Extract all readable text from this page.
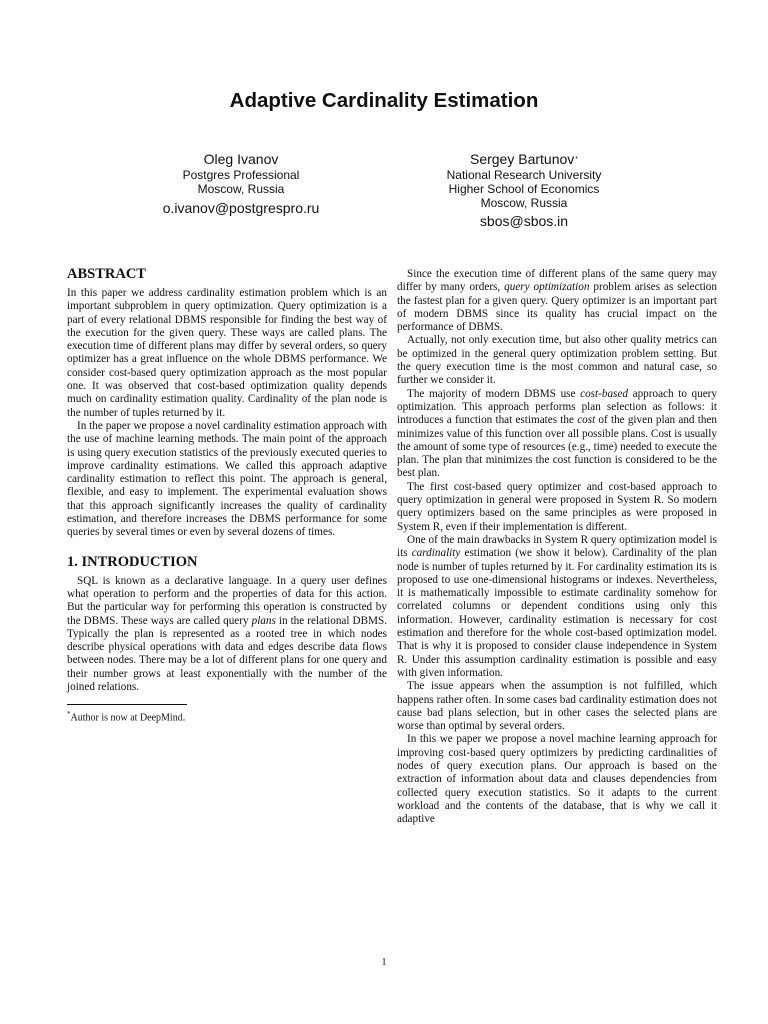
Adaptive Cardinality Estimation
Oleg Ivanov
Postgres Professional
Moscow, Russia
o.ivanov@postgrespro.ru
Sergey Bartunov*
National Research University
Higher School of Economics
Moscow, Russia
sbos@sbos.in
ABSTRACT

In this paper we address cardinality estimation problem which is an important subproblem in query optimization. Query optimization is a part of every relational DBMS responsible for finding the best way of the execution for the given query. These ways are called plans. The execution time of different plans may differ by several orders, so query optimizer has a great influence on the whole DBMS performance. We consider cost-based query optimization approach as the most popular one. It was observed that cost-based optimization quality depends much on cardinality estimation quality. Cardinality of the plan node is the number of tuples returned by it.

In the paper we propose a novel cardinality estimation approach with the use of machine learning methods. The main point of the approach is using query execution statistics of the previously executed queries to improve cardinality estimations. We called this approach adaptive cardinality estimation to reflect this point. The approach is general, flexible, and easy to implement. The experimental evaluation shows that this approach significantly increases the quality of cardinality estimation, and therefore increases the DBMS performance for some queries by several times or even by several dozens of times.

1. INTRODUCTION

SQL is known as a declarative language. In a query user defines what operation to perform and the properties of data for this action. But the particular way for performing this operation is constructed by the DBMS. These ways are called query plans in the relational DBMS. Typically the plan is represented as a rooted tree in which nodes describe physical operations with data and edges describe data flows between nodes. There may be a lot of different plans for one query and their number grows at least exponentially with the number of the joined relations.

*Author is now at DeepMind.

Since the execution time of different plans of the same query may differ by many orders, query optimization problem arises as selection the fastest plan for a given query. Query optimizer is an important part of modern DBMS since its quality has crucial impact on the performance of DBMS.

Actually, not only execution time, but also other quality metrics can be optimized in the general query optimization problem setting. But the query execution time is the most common and natural case, so further we consider it.

The majority of modern DBMS use cost-based approach to query optimization. This approach performs plan selection as follows: it introduces a function that estimates the cost of the given plan and then minimizes value of this function over all possible plans. Cost is usually the amount of some type of resources (e.g., time) needed to execute the plan. The plan that minimizes the cost function is considered to be the best plan.

The first cost-based query optimizer and cost-based approach to query optimization in general were proposed in System R. So modern query optimizers based on the same principles as were proposed in System R, even if their implementation is different.

One of the main drawbacks in System R query optimization model is its cardinality estimation (we show it below). Cardinality of the plan node is number of tuples returned by it. For cardinality estimation its is proposed to use one-dimensional histograms or indexes. Nevertheless, it is mathematically impossible to estimate cardinality somehow for correlated columns or dependent conditions using only this information. However, cardinality estimation is necessary for cost estimation and therefore for the whole cost-based optimization model. That is why it is proposed to consider clause independence in System R. Under this assumption cardinality estimation is possible and easy with given information.

The issue appears when the assumption is not fulfilled, which happens rather often. In some cases bad cardinality estimation does not cause bad plans selection, but in other cases the selected plans are worse than optimal by several orders.

In this we paper we propose a novel machine learning approach for improving cost-based query optimizers by predicting cardinalities of nodes of query execution plans. Our approach is based on the extraction of information about data and clauses dependencies from collected query execution statistics. So it adapts to the current workload and the contents of the database, that is why we call it adaptive

1
